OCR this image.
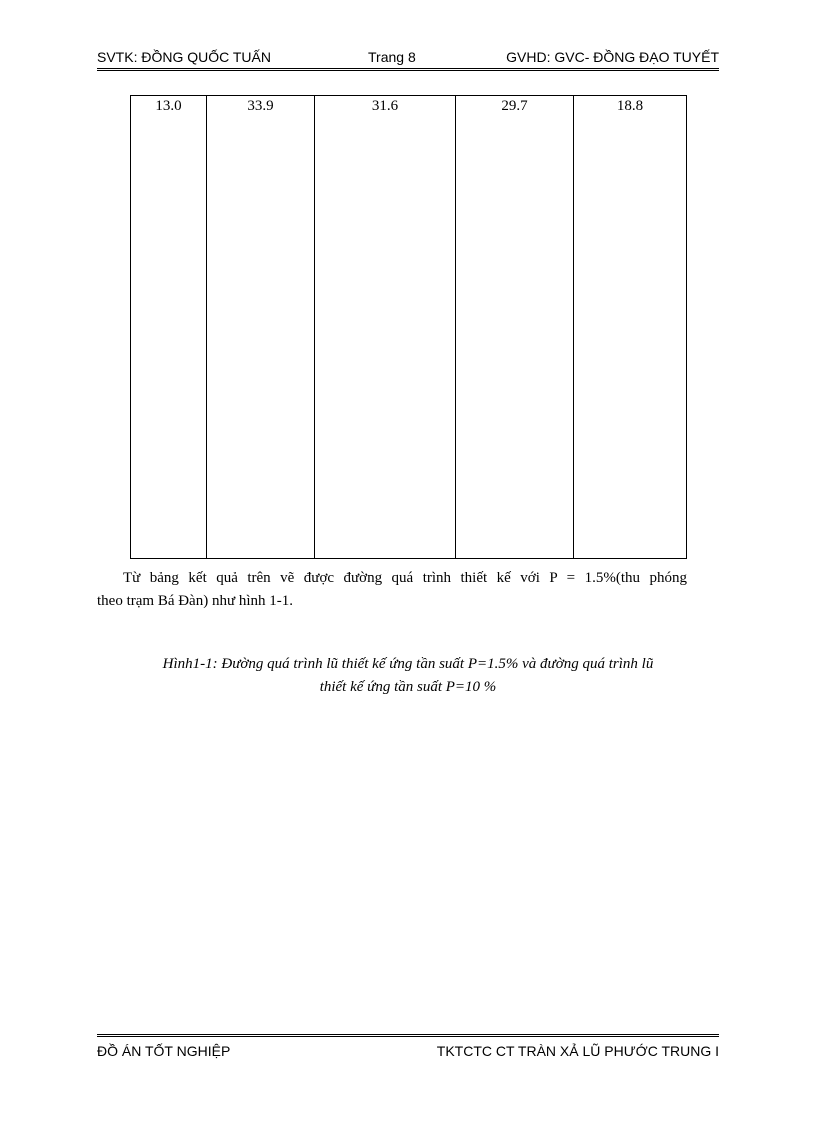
SVTK: ĐỒNG QUỐC TUẤN	Trang 8	GVHD: GVC- ĐỒNG ĐẠO TUYẾT
13.0	33.9	31.6	29.7	18.8
Từ bảng kết quả trên vẽ được đường quá trình thiết kế với P = 1.5%(thu phóng
theo trạm Bá Đàn) như hình 1-1.
Hình1-1: Đường quá trình lũ thiết kế ứng tần suất P=1.5% và đường quá trình lũ
thiết kế ứng tần suất P=10 %
ĐỒ ÁN TỐT NGHIỆP	TKTCTC CT TRÀN XẢ LŨ PHƯỚC TRUNG I
